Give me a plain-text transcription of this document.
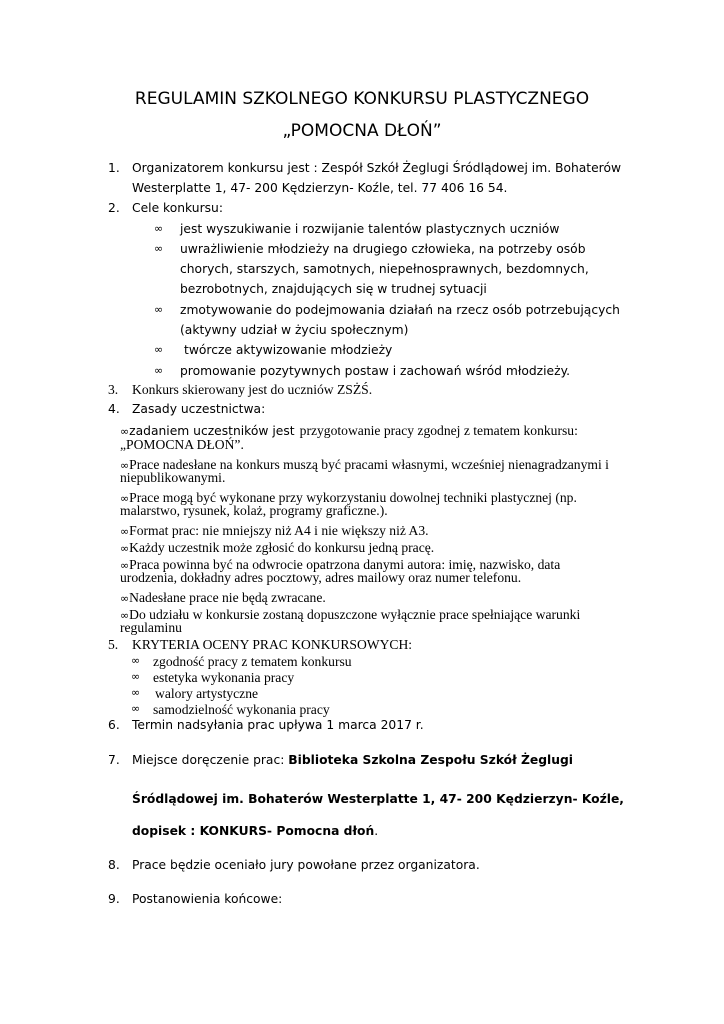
REGULAMIN SZKOLNEGO KONKURSU PLASTYCZNEGO

„POMOCNA DŁOŃ”

1. Organizatorem konkursu jest : Zespół Szkół Żeglugi Śródlądowej im. Bohaterów
Westerplatte 1, 47- 200 Kędzierzyn- Koźle, tel. 77 406 16 54.
2. Cele konkursu:
∞ jest wyszukiwanie i rozwijanie talentów plastycznych uczniów
∞ uwrażliwienie młodzieży na drugiego człowieka, na potrzeby osób
chorych, starszych, samotnych, niepełnosprawnych, bezdomnych,
bezrobotnych, znajdujących się w trudnej sytuacji
∞ zmotywowanie do podejmowania działań na rzecz osób potrzebujących
(aktywny udział w życiu społecznym)
∞ twórcze aktywizowanie młodzieży
∞ promowanie pozytywnych postaw i zachowań wśród młodzieży.
3. Konkurs skierowany jest do uczniów ZSŻŚ.
4. Zasady uczestnictwa:
∞zadaniem uczestników jest przygotowanie pracy zgodnej z tematem konkursu:
„POMOCNA DŁOŃ”.
∞Prace nadesłane na konkurs muszą być pracami własnymi, wcześniej nienagradzanymi i
niepublikowanymi.
∞Prace mogą być wykonane przy wykorzystaniu dowolnej techniki plastycznej (np.
malarstwo, rysunek, kolaż, programy graficzne.).
∞Format prac: nie mniejszy niż A4 i nie większy niż A3.
∞Każdy uczestnik może zgłosić do konkursu jedną pracę.
∞Praca powinna być na odwrocie opatrzona danymi autora: imię, nazwisko, data
urodzenia, dokładny adres pocztowy, adres mailowy oraz numer telefonu.
∞Nadesłane prace nie będą zwracane.
∞Do udziału w konkursie zostaną dopuszczone wyłącznie prace spełniające warunki
regulaminu
5. KRYTERIA OCENY PRAC KONKURSOWYCH:
∞ zgodność pracy z tematem konkursu
∞ estetyka wykonania pracy
∞ walory artystyczne
∞ samodzielność wykonania pracy
6. Termin nadsyłania prac upływa 1 marca 2017 r.
7. Miejsce doręczenie prac: Biblioteka Szkolna Zespołu Szkół Żeglugi
Śródlądowej im. Bohaterów Westerplatte 1, 47- 200 Kędzierzyn- Koźle,
dopisek : KONKURS- Pomocna dłoń.
8. Prace będzie oceniało jury powołane przez organizatora.
9. Postanowienia końcowe:
